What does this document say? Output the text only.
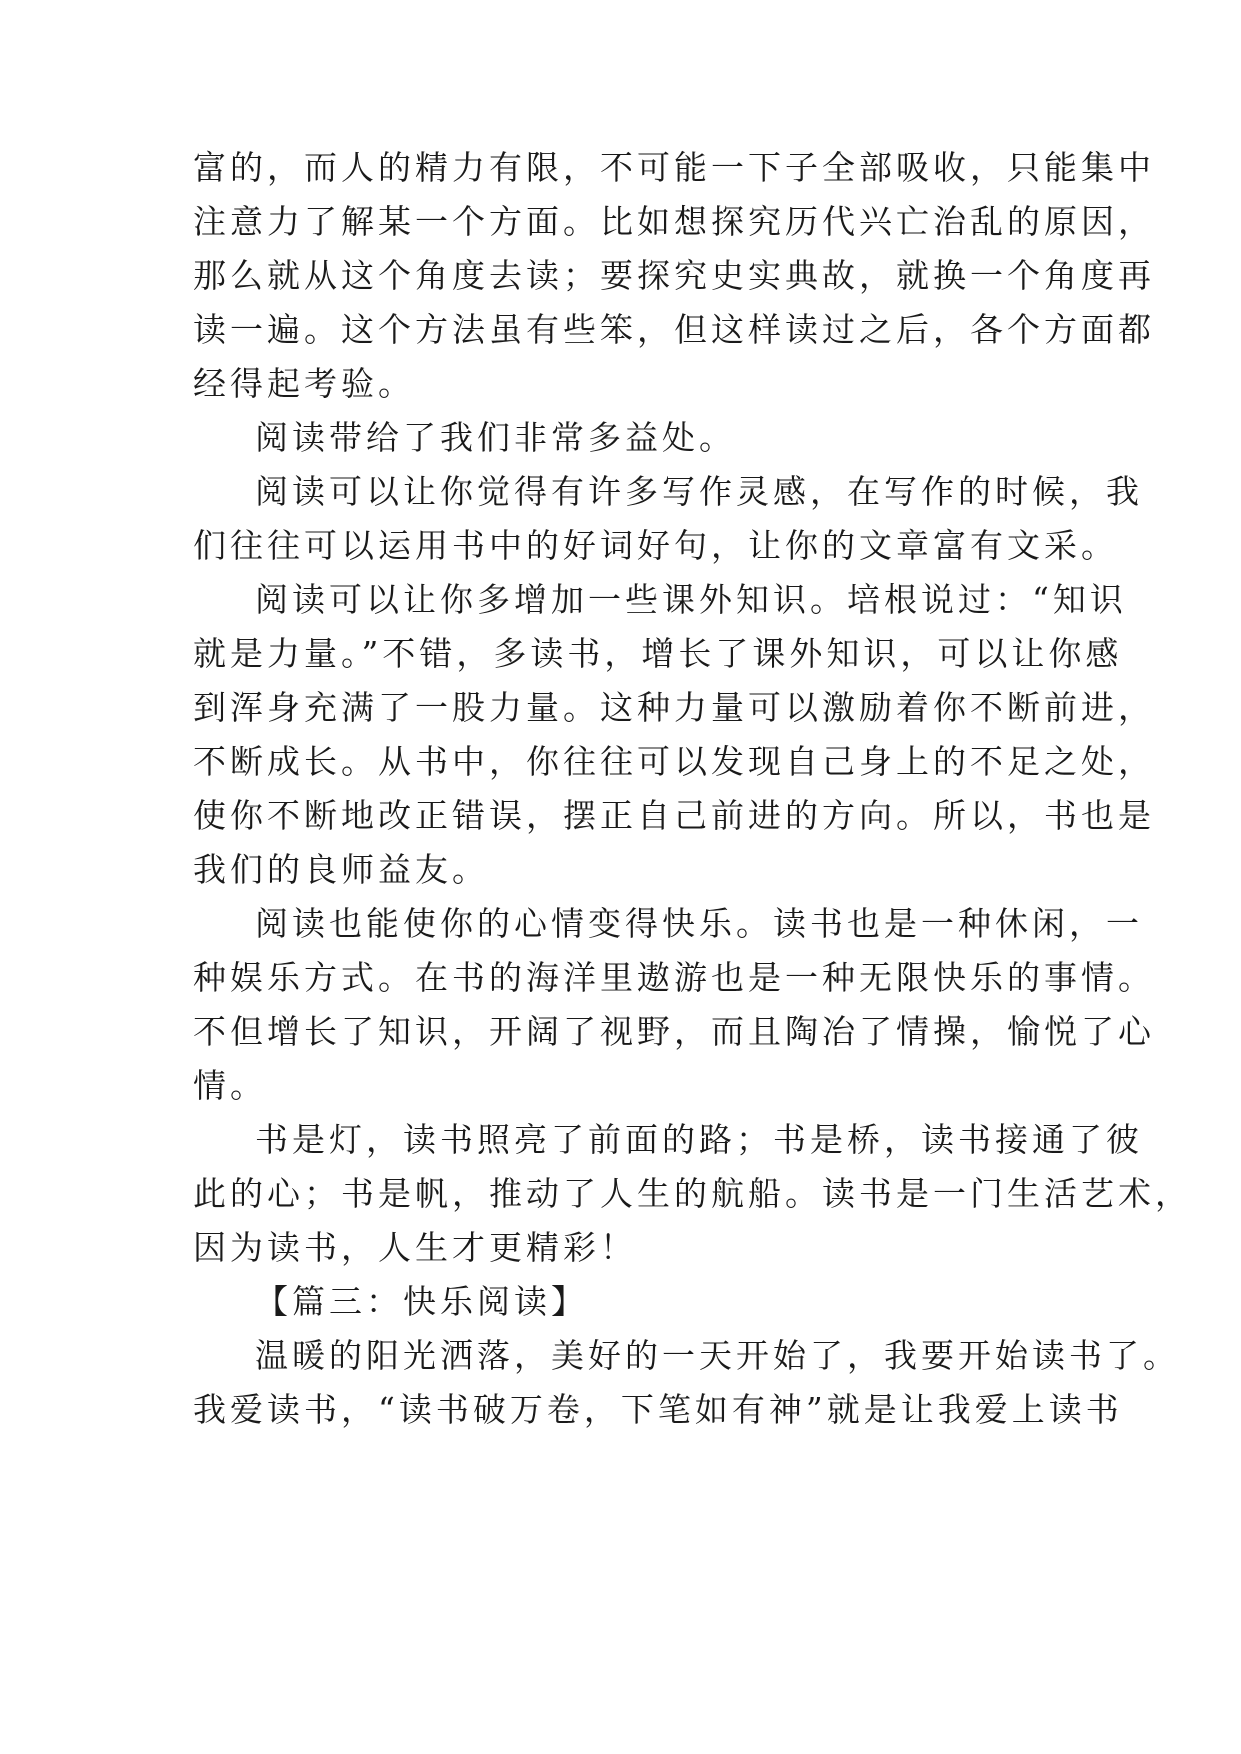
富的，而人的精力有限，不可能一下子全部吸收，只能集中
注意力了解某一个方面。比如想探究历代兴亡治乱的原因，
那么就从这个角度去读；要探究史实典故，就换一个角度再
读一遍。这个方法虽有些笨，但这样读过之后，各个方面都
经得起考验。
阅读带给了我们非常多益处。
阅读可以让你觉得有许多写作灵感，在写作的时候，我
们往往可以运用书中的好词好句，让你的文章富有文采。
阅读可以让你多增加一些课外知识。培根说过：“知识
就是力量。”不错，多读书，增长了课外知识，可以让你感
到浑身充满了一股力量。这种力量可以激励着你不断前进，
不断成长。从书中，你往往可以发现自己身上的不足之处，
使你不断地改正错误，摆正自己前进的方向。所以，书也是
我们的良师益友。
阅读也能使你的心情变得快乐。读书也是一种休闲，一
种娱乐方式。在书的海洋里遨游也是一种无限快乐的事情。
不但增长了知识，开阔了视野，而且陶冶了情操，愉悦了心
情。
书是灯，读书照亮了前面的路；书是桥，读书接通了彼
此的心；书是帆，推动了人生的航船。读书是一门生活艺术，
因为读书，人生才更精彩！
【篇三：快乐阅读】
温暖的阳光洒落，美好的一天开始了，我要开始读书了。
我爱读书，“读书破万卷，下笔如有神”就是让我爱上读书
